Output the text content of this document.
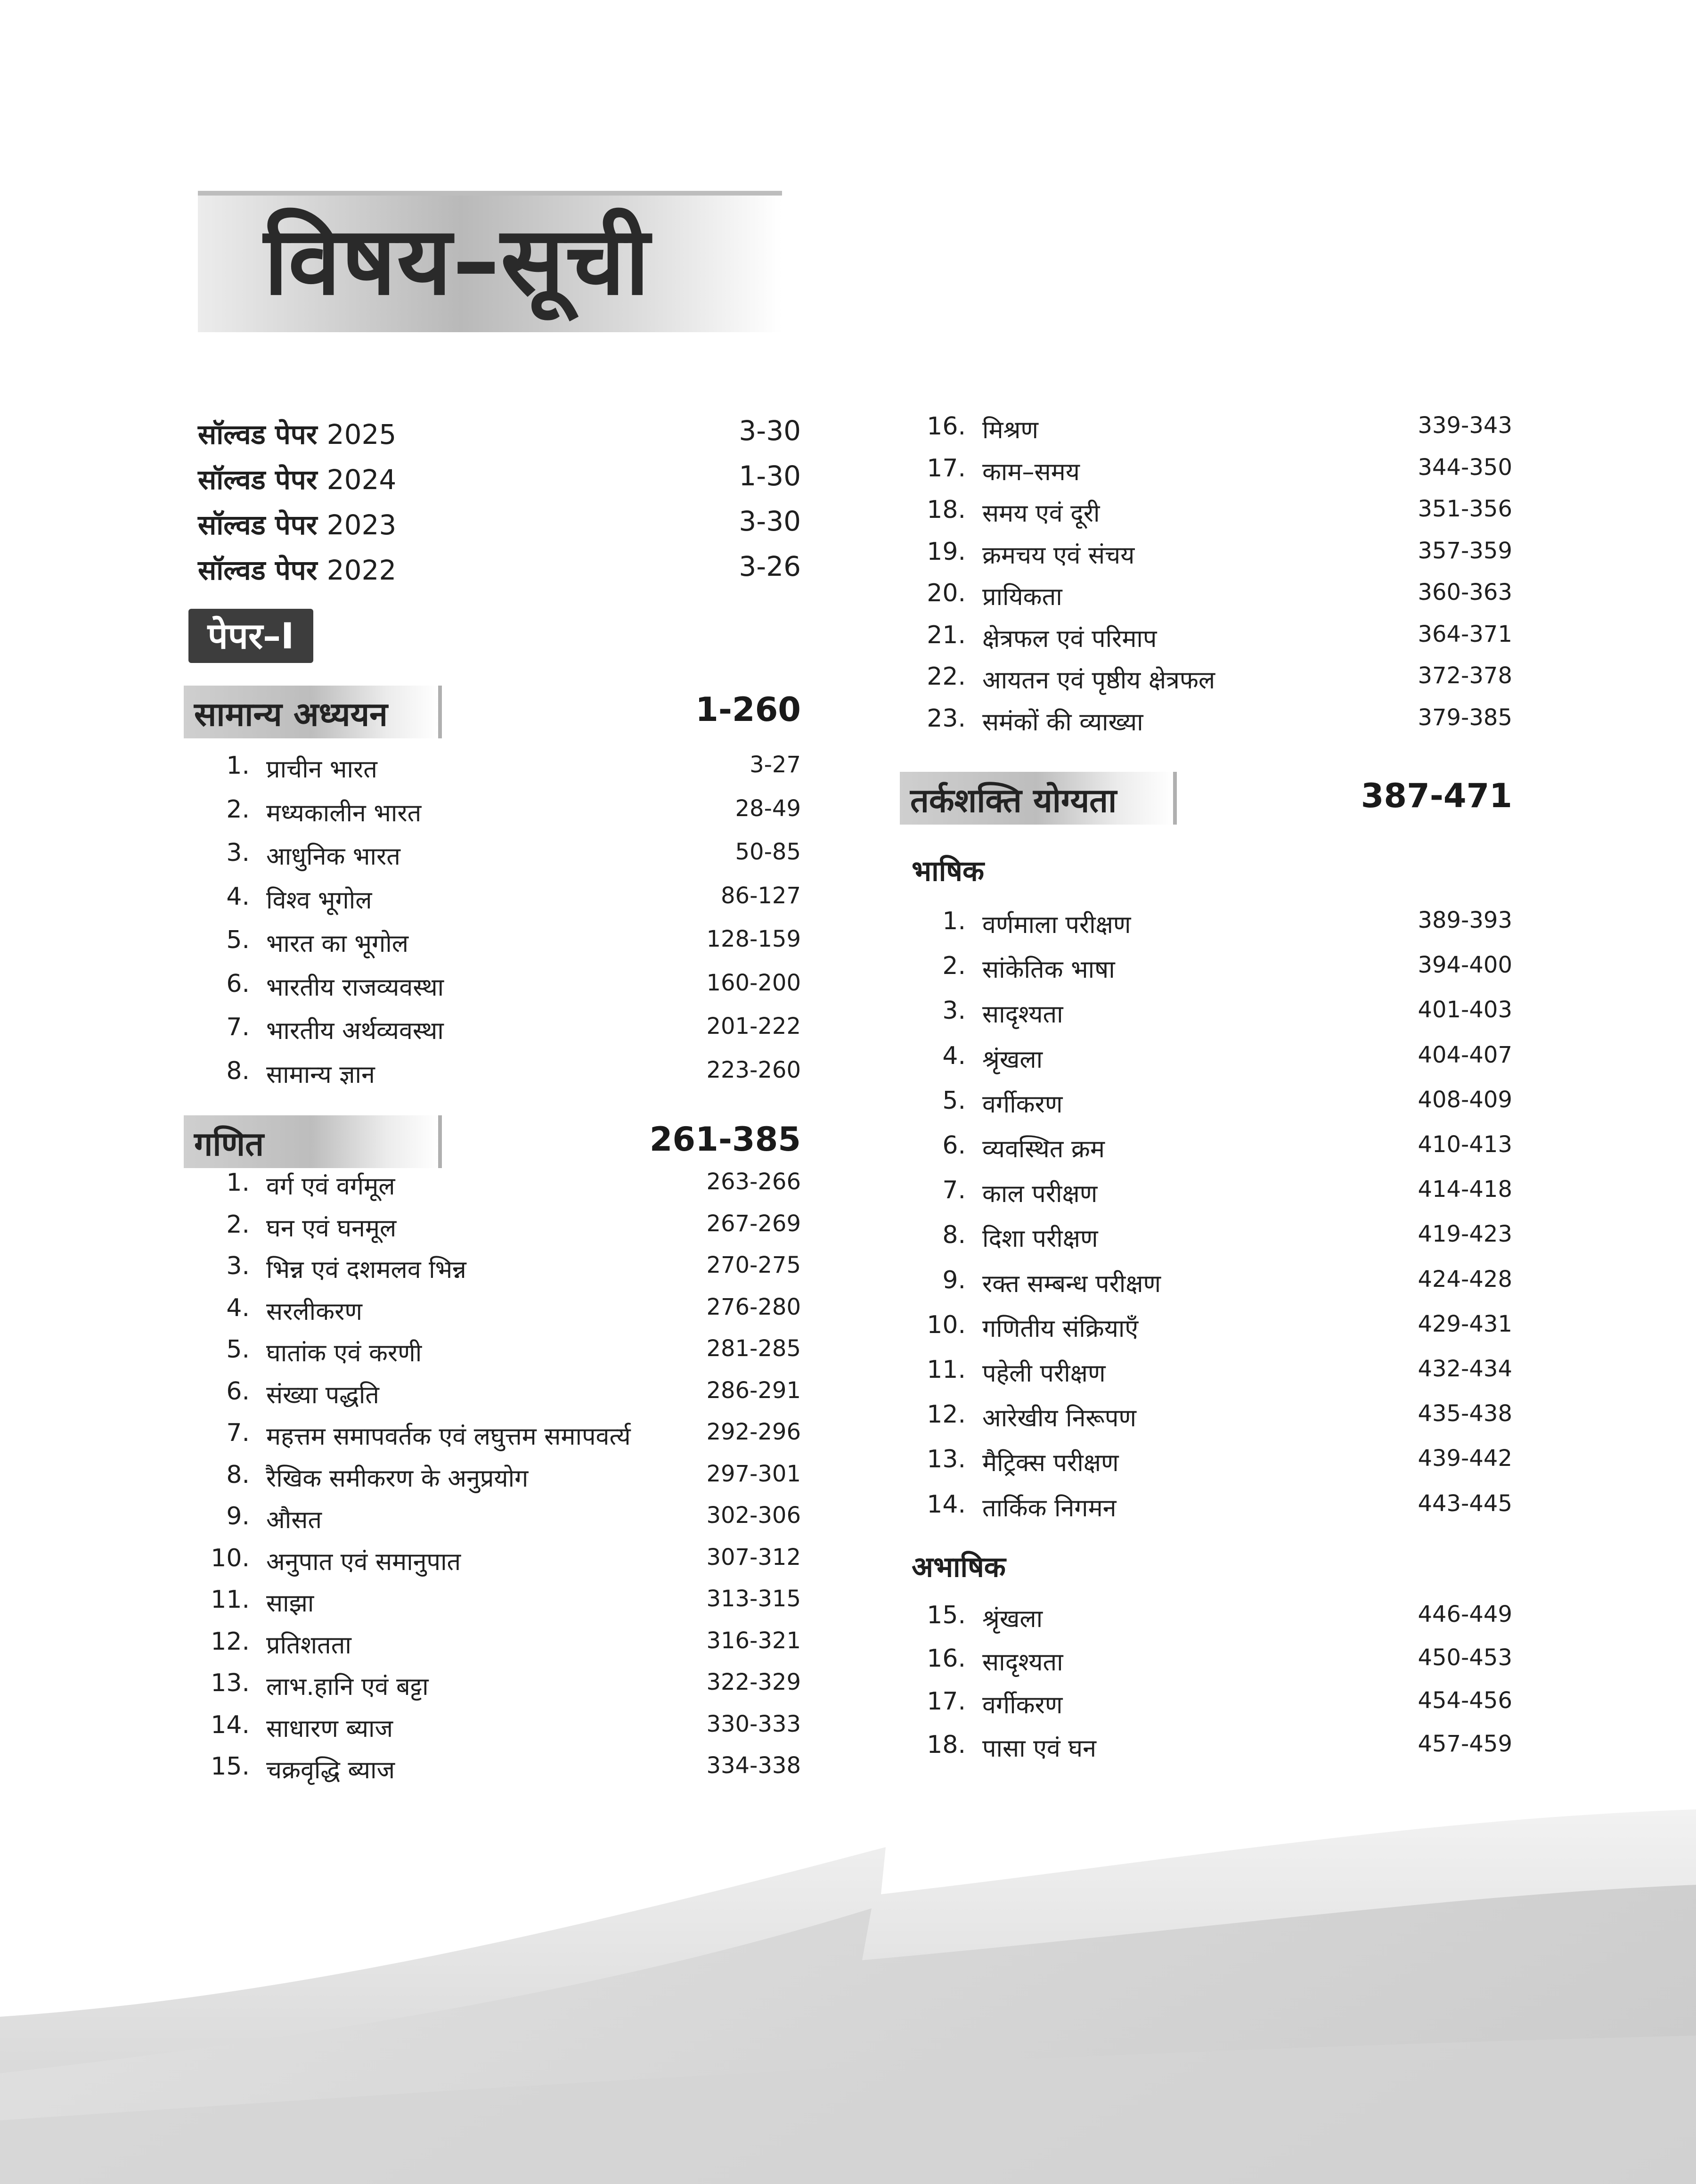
विषय–सूची
सॉल्वड पेपर 2025	3-30
सॉल्वड पेपर 2024	1-30
सॉल्वड पेपर 2023	3-30
सॉल्वड पेपर 2022	3-26
पेपर–I
सामान्य अध्ययन	1-260
1. प्राचीन भारत	3-27
2. मध्यकालीन भारत	28-49
3. आधुनिक भारत	50-85
4. विश्व भूगोल	86-127
5. भारत का भूगोल	128-159
6. भारतीय राजव्यवस्था	160-200
7. भारतीय अर्थव्यवस्था	201-222
8. सामान्य ज्ञान	223-260
गणित	261-385
1. वर्ग एवं वर्गमूल	263-266
2. घन एवं घनमूल	267-269
3. भिन्न एवं दशमलव भिन्न	270-275
4. सरलीकरण	276-280
5. घातांक एवं करणी	281-285
6. संख्या पद्धति	286-291
7. महत्तम समापवर्तक एवं लघुत्तम समापवर्त्य	292-296
8. रैखिक समीकरण के अनुप्रयोग	297-301
9. औसत	302-306
10. अनुपात एवं समानुपात	307-312
11. साझा	313-315
12. प्रतिशतता	316-321
13. लाभ.हानि एवं बट्टा	322-329
14. साधारण ब्याज	330-333
15. चक्रवृद्धि ब्याज	334-338
16. मिश्रण	339-343
17. काम–समय	344-350
18. समय एवं दूरी	351-356
19. क्रमचय एवं संचय	357-359
20. प्रायिकता	360-363
21. क्षेत्रफल एवं परिमाप	364-371
22. आयतन एवं पृष्ठीय क्षेत्रफल	372-378
23. समंकों की व्याख्या	379-385
तर्कशक्ति योग्यता	387-471
भाषिक
1. वर्णमाला परीक्षण	389-393
2. सांकेतिक भाषा	394-400
3. सादृश्यता	401-403
4. श्रृंखला	404-407
5. वर्गीकरण	408-409
6. व्यवस्थित क्रम	410-413
7. काल परीक्षण	414-418
8. दिशा परीक्षण	419-423
9. रक्त सम्बन्ध परीक्षण	424-428
10. गणितीय संक्रियाएँ	429-431
11. पहेली परीक्षण	432-434
12. आरेखीय निरूपण	435-438
13. मैट्रिक्स परीक्षण	439-442
14. तार्किक निगमन	443-445
अभाषिक
15. श्रृंखला	446-449
16. सादृश्यता	450-453
17. वर्गीकरण	454-456
18. पासा एवं घन	457-459
